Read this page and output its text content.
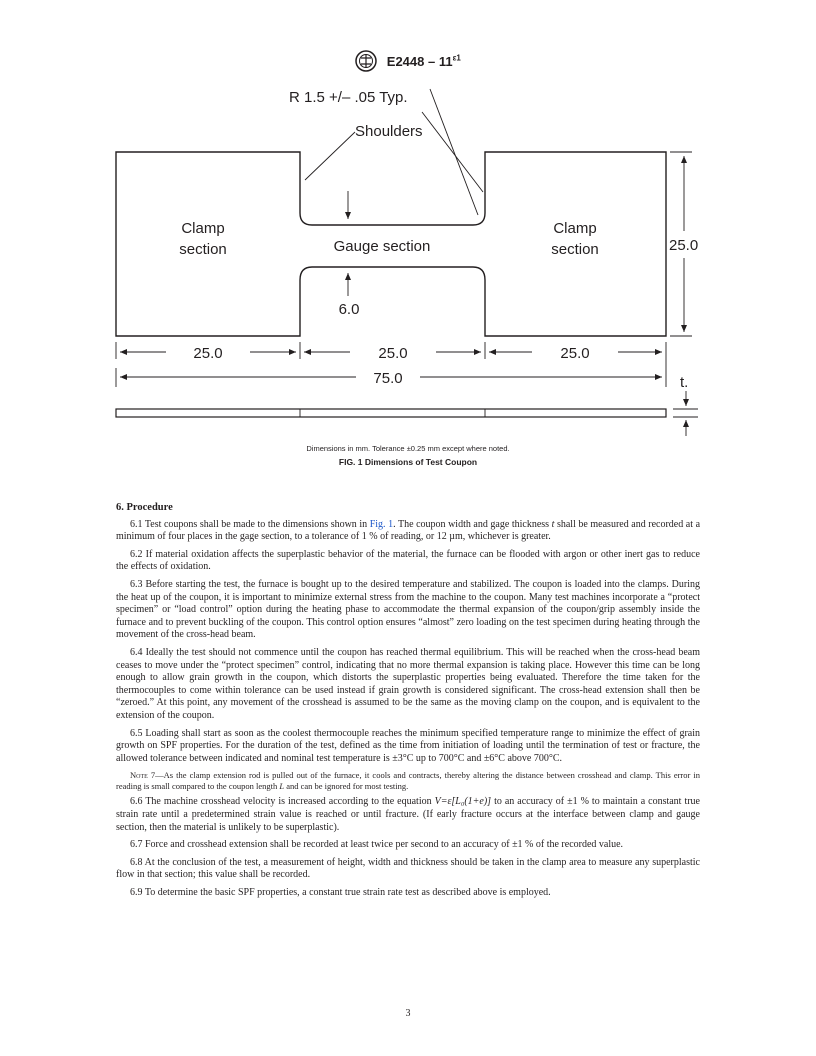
$E2448 - 11^{\varepsilon 1}$
R 1.5 +/– .05 Typ.
Shoulders
Clamp
section	Gauge section
Clamp
section	25.0
6.0
25.0	25.0	25.0
75.0	t.
Dimensions in mm. Tolerance ±0.25 mm except where noted.
FIG. 1 Dimensions of Test Coupon
6. Procedure

6.1 Test coupons shall be made to the dimensions shown in Fig. 1. The coupon width and gage thickness t shall be measured and recorded at a minimum of four places in the gage section, to a tolerance of 1 % of reading, or 12 µm, whichever is greater.

6.2 If material oxidation affects the superplastic behavior of the material, the furnace can be flooded with argon or other inert gas to reduce the effects of oxidation.

6.3 Before starting the test, the furnace is bought up to the desired temperature and stabilized. The coupon is loaded into the clamps. During the heat up of the coupon, it is important to minimize external stress from the machine to the coupon. Many test machines incorporate a “protect specimen” or “load control” option during the heating phase to accommodate the thermal expansion of the coupon/grip assembly inside the furnace and to prevent buckling of the coupon. This control option ensures “almost” zero loading on the test specimen during heating through the movement of the cross-head beam.

6.4 Ideally the test should not commence until the coupon has reached thermal equilibrium. This will be reached when the cross-head beam ceases to move under the “protect specimen” control, indicating that no more thermal expansion is taking place. However this time can be long enough to allow grain growth in the coupon, which distorts the superplastic properties being evaluated. Therefore the time taken for the thermocouples to come within tolerance can be used instead if grain growth is considered significant. The cross-head extension shall then be “zeroed.” At this point, any movement of the crosshead is assumed to be the same as the moving clamp on the coupon, and is equivalent to the extension of the coupon.

6.5 Loading shall start as soon as the coolest thermocouple reaches the minimum specified temperature range to minimize the effect of grain growth on SPF properties. For the duration of the test, defined as the time from initiation of loading until the termination of test or fracture, the allowed tolerance between indicated and nominal test temperature is ±3°C up to 700°C and ±6°C above 700°C.

Note 7—As the clamp extension rod is pulled out of the furnace, it cools and contracts, thereby altering the distance between crosshead and clamp. This error in reading is small compared to the coupon length L and can be ignored for most testing.

6.6 The machine crosshead velocity is increased according to the equation V=ε̇[L₀(1+e)] to an accuracy of ±1 % to maintain a constant true strain rate until a predetermined strain value is reached or until fracture. (If early fracture occurs at the interface between clamp and gauge section, then the material is unlikely to be superplastic).

6.7 Force and crosshead extension shall be recorded at least twice per second to an accuracy of ±1 % of the recorded value.

6.8 At the conclusion of the test, a measurement of height, width and thickness should be taken in the clamp area to measure any superplastic flow in that section; this value shall be recorded.

6.9 To determine the basic SPF properties, a constant true strain rate test as described above is employed.

3
